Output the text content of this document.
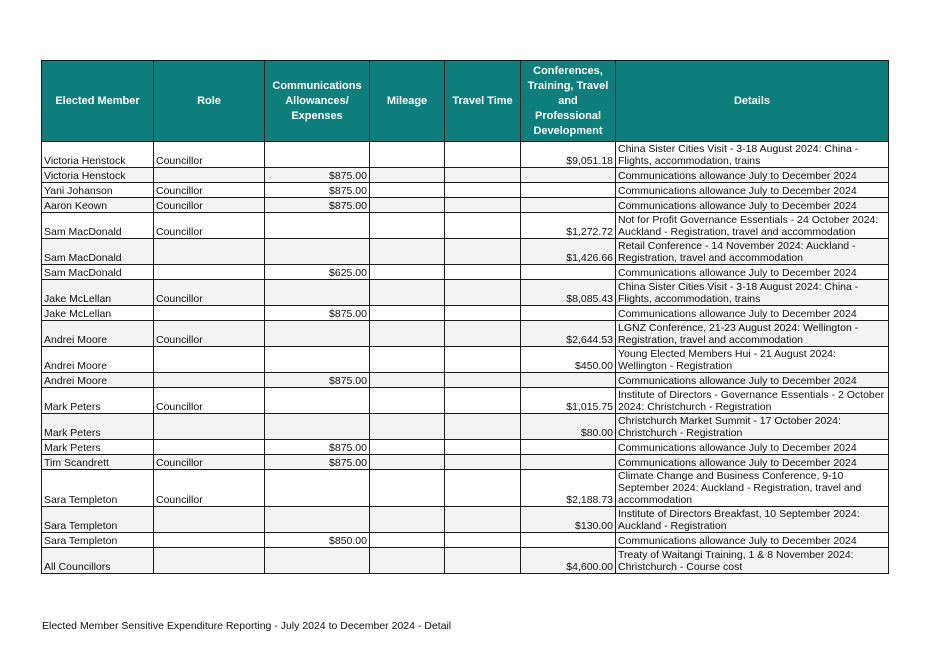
Elected Member	Role	Communications Allowances/ Expenses	Mileage	Travel Time	Conferences, Training, Travel and Professional Development	Details
Victoria Henstock	Councillor				$9,051.18	China Sister Cities Visit - 3-18 August 2024: China - Flights, accommodation, trains
Victoria Henstock		$875.00				Communications allowance July to December 2024
Yani Johanson	Councillor	$875.00				Communications allowance July to December 2024
Aaron Keown	Councillor	$875.00				Communications allowance July to December 2024
Sam MacDonald	Councillor				$1,272.72	Not for Profit Governance Essentials - 24 October 2024: Auckland - Registration, travel and accommodation
Sam MacDonald					$1,426.66	Retail Conference - 14 November 2024: Auckland - Registration, travel and accommodation
Sam MacDonald		$625.00				Communications allowance July to December 2024
Jake McLellan	Councillor				$8,085.43	China Sister Cities Visit - 3-18 August 2024: China - Flights, accommodation, trains
Jake McLellan		$875.00				Communications allowance July to December 2024
Andrei Moore	Councillor				$2,644.53	LGNZ Conference, 21-23 August 2024: Wellington - Registration, travel and accommodation
Andrei Moore					$450.00	Young Elected Members Hui - 21 August 2024: Wellington - Registration
Andrei Moore		$875.00				Communications allowance July to December 2024
Mark Peters	Councillor				$1,015.75	Institute of Directors - Governance Essentials - 2 October 2024: Christchurch - Registration
Mark Peters					$80.00	Christchurch Market Summit - 17 October 2024: Christchurch - Registration
Mark Peters		$875.00				Communications allowance July to December 2024
Tim Scandrett	Councillor	$875.00				Communications allowance July to December 2024
Sara Templeton	Councillor				$2,188.73	Climate Change and Business Conference, 9-10 September 2024: Auckland - Registration, travel and accommodation
Sara Templeton					$130.00	Institute of Directors Breakfast, 10 September 2024: Auckland - Registration
Sara Templeton		$850.00				Communications allowance July to December 2024
All Councillors					$4,600.00	Treaty of Waitangi Training, 1 & 8 November 2024: Christchurch - Course cost
Elected Member Sensitive Expenditure Reporting - July 2024 to December 2024 - Detail
